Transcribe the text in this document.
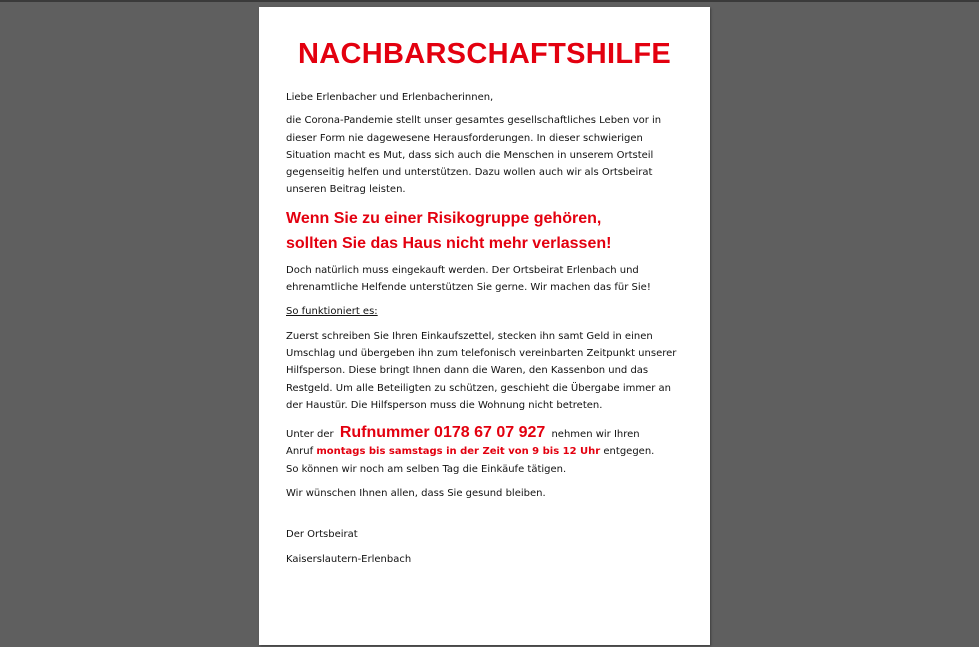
NACHBARSCHAFTSHILFE
Liebe Erlenbacher und Erlenbacherinnen,
die Corona-Pandemie stellt unser gesamtes gesellschaftliches Leben vor in dieser Form nie dagewesene Herausforderungen. In dieser schwierigen Situation macht es Mut, dass sich auch die Menschen in unserem Ortsteil gegenseitig helfen und unterstützen. Dazu wollen auch wir als Ortsbeirat unseren Beitrag leisten.
Wenn Sie zu einer Risikogruppe gehören,
sollten Sie das Haus nicht mehr verlassen!
Doch natürlich muss eingekauft werden. Der Ortsbeirat Erlenbach und ehrenamtliche Helfende unterstützen Sie gerne. Wir machen das für Sie!
So funktioniert es:
Zuerst schreiben Sie Ihren Einkaufszettel, stecken ihn samt Geld in einen Umschlag und übergeben ihn zum telefonisch vereinbarten Zeitpunkt unserer Hilfsperson. Diese bringt Ihnen dann die Waren, den Kassenbon und das Restgeld. Um alle Beteiligten zu schützen, geschieht die Übergabe immer an der Haustür. Die Hilfsperson muss die Wohnung nicht betreten.
Unter der Rufnummer 0178 67 07 927 nehmen wir Ihren
Anruf montags bis samstags in der Zeit von 9 bis 12 Uhr entgegen.
So können wir noch am selben Tag die Einkäufe tätigen.
Wir wünschen Ihnen allen, dass Sie gesund bleiben.
Der Ortsbeirat
Kaiserslautern-Erlenbach
